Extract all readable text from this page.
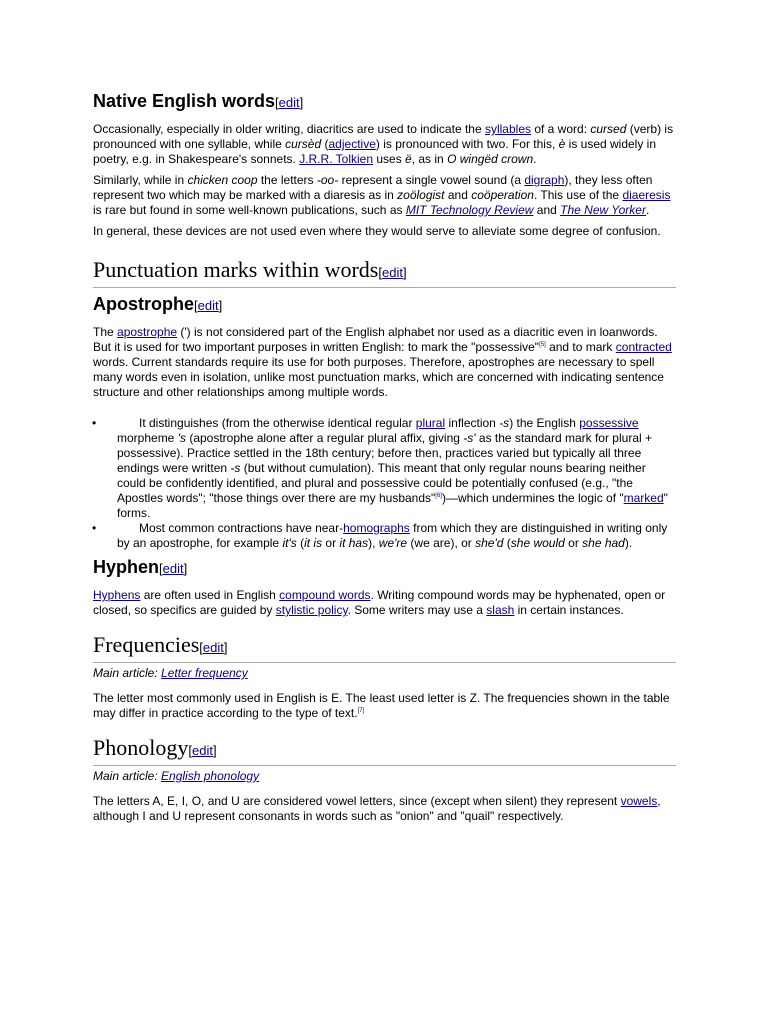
Native English words[edit]

Occasionally, especially in older writing, diacritics are used to indicate the syllables of a word: cursed (verb) is pronounced with one syllable, while cursèd (adjective) is pronounced with two. For this, è is used widely in poetry, e.g. in Shakespeare's sonnets. J.R.R. Tolkien uses ë, as in O wingëd crown.

Similarly, while in chicken coop the letters -oo- represent a single vowel sound (a digraph), they less often represent two which may be marked with a diaresis as in zoölogist and coöperation. This use of the diaeresis is rare but found in some well-known publications, such as MIT Technology Review and The New Yorker.

In general, these devices are not used even where they would serve to alleviate some degree of confusion.

Punctuation marks within words[edit]
Apostrophe[edit]

The apostrophe (') is not considered part of the English alphabet nor used as a diacritic even in loanwords. But it is used for two important purposes in written English: to mark the "possessive"[5] and to mark contracted words. Current standards require its use for both purposes. Therefore, apostrophes are necessary to spell many words even in isolation, unlike most punctuation marks, which are concerned with indicating sentence structure and other relationships among multiple words.

•	It distinguishes (from the otherwise identical regular plural inflection -s) the English possessive morpheme 's (apostrophe alone after a regular plural affix, giving -s' as the standard mark for plural + possessive). Practice settled in the 18th century; before then, practices varied but typically all three endings were written -s (but without cumulation). This meant that only regular nouns bearing neither could be confidently identified, and plural and possessive could be potentially confused (e.g., "the Apostles words"; "those things over there are my husbands"[6])—which undermines the logic of "marked" forms.
•	Most common contractions have near-homographs from which they are distinguished in writing only by an apostrophe, for example it's (it is or it has), we're (we are), or she'd (she would or she had).
Hyphen[edit]

Hyphens are often used in English compound words. Writing compound words may be hyphenated, open or closed, so specifics are guided by stylistic policy. Some writers may use a slash in certain instances.

Frequencies[edit]

Main article: Letter frequency

The letter most commonly used in English is E. The least used letter is Z. The frequencies shown in the table may differ in practice according to the type of text.[7]

Phonology[edit]

Main article: English phonology

The letters A, E, I, O, and U are considered vowel letters, since (except when silent) they represent vowels, although I and U represent consonants in words such as "onion" and "quail" respectively.
